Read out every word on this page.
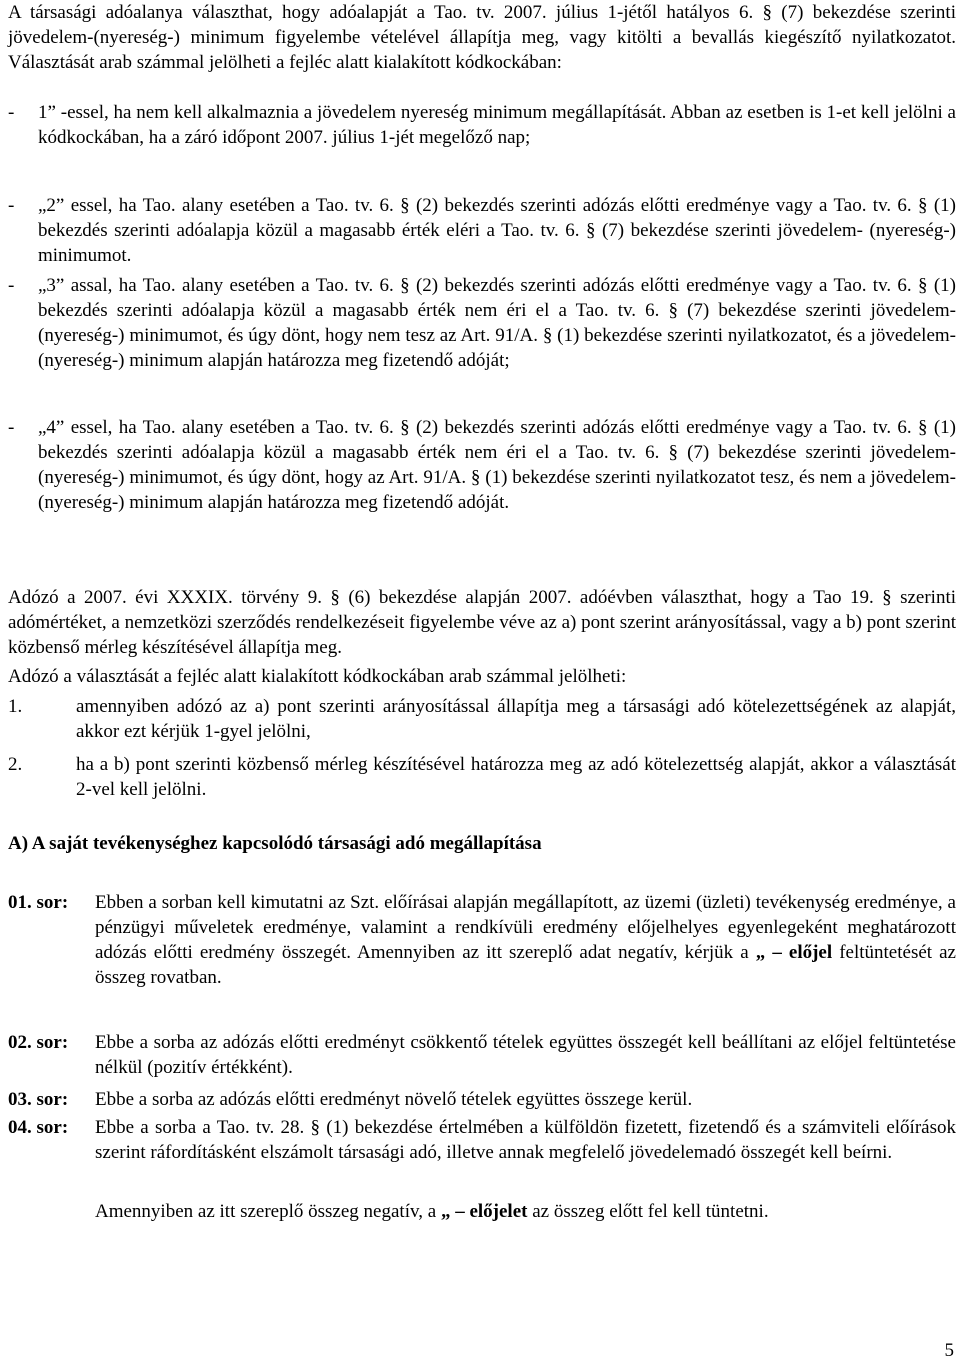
A társasági adóalanya választhat, hogy adóalapját a Tao. tv. 2007. július 1-jétől hatályos 6. § (7) bekezdése szerinti jövedelem-(nyereség-) minimum figyelembe vételével állapítja meg, vagy kitölti a bevallás kiegészítő nyilatkozatot. Választását arab számmal jelölheti a fejléc alatt kialakított kódkockában:

- 1” -essel, ha nem kell alkalmaznia a jövedelem nyereség minimum megállapítását. Abban az esetben is 1-et kell jelölni a kódkockában, ha a záró időpont 2007. július 1-jét megelőző nap;
- „2” essel, ha Tao. alany esetében a Tao. tv. 6. § (2) bekezdés szerinti adózás előtti eredménye vagy a Tao. tv. 6. § (1) bekezdés szerinti adóalapja közül a magasabb érték eléri a Tao. tv. 6. § (7) bekezdése szerinti jövedelem- (nyereség-) minimumot.
- „3” assal, ha Tao. alany esetében a Tao. tv. 6. § (2) bekezdés szerinti adózás előtti eredménye vagy a Tao. tv. 6. § (1) bekezdés szerinti adóalapja közül a magasabb érték nem éri el a Tao. tv. 6. § (7) bekezdése szerinti jövedelem- (nyereség-) minimumot, és úgy dönt, hogy nem tesz az Art. 91/A. § (1) bekezdése szerinti nyilatkozatot, és a jövedelem- (nyereség-) minimum alapján határozza meg fizetendő adóját;
- „4” essel, ha Tao. alany esetében a Tao. tv. 6. § (2) bekezdés szerinti adózás előtti eredménye vagy a Tao. tv. 6. § (1) bekezdés szerinti adóalapja közül a magasabb érték nem éri el a Tao. tv. 6. § (7) bekezdése szerinti jövedelem- (nyereség-) minimumot, és úgy dönt, hogy az Art. 91/A. § (1) bekezdése szerinti nyilatkozatot tesz, és nem a jövedelem- (nyereség-) minimum alapján határozza meg fizetendő adóját.

Adózó a 2007. évi XXXIX. törvény 9. § (6) bekezdése alapján 2007. adóévben választhat, hogy a Tao 19. § szerinti adómértéket, a nemzetközi szerződés rendelkezéseit figyelembe véve az a) pont szerint arányosítással, vagy a b) pont szerint közbenső mérleg készítésével állapítja meg.

Adózó a választását a fejléc alatt kialakított kódkockában arab számmal jelölheti:

1.	amennyiben adózó az a) pont szerinti arányosítással állapítja meg a társasági adó kötelezettségének az alapját, akkor ezt kérjük 1-gyel jelölni,
2.	ha a b) pont szerinti közbenső mérleg készítésével határozza meg az adó kötelezettség alapját, akkor a választását 2-vel kell jelölni.
A) A saját tevékenységhez kapcsolódó társasági adó megállapítása
01. sor: Ebben a sorban kell kimutatni az Szt. előírásai alapján megállapított, az üzemi (üzleti) tevékenység eredménye, a pénzügyi műveletek eredménye, valamint a rendkívüli eredmény előjelhelyes egyenlegeként meghatározott adózás előtti eredmény összegét. Amennyiben az itt szereplő adat negatív, kérjük a „ – előjel feltüntetését az összeg rovatban.
02. sor: Ebbe a sorba az adózás előtti eredményt csökkentő tételek együttes összegét kell beállítani az előjel feltüntetése nélkül (pozitív értékként).
03. sor: Ebbe a sorba az adózás előtti eredményt növelő tételek együttes összege kerül.
04. sor: Ebbe a sorba a Tao. tv. 28. § (1) bekezdése értelmében a külföldön fizetett, fizetendő és a számviteli előírások szerint ráfordításként elszámolt társasági adó, illetve annak megfelelő jövedelemadó összegét kell beírni.
Amennyiben az itt szereplő összeg negatív, a „ – előjelet az összeg előtt fel kell tüntetni.
5
